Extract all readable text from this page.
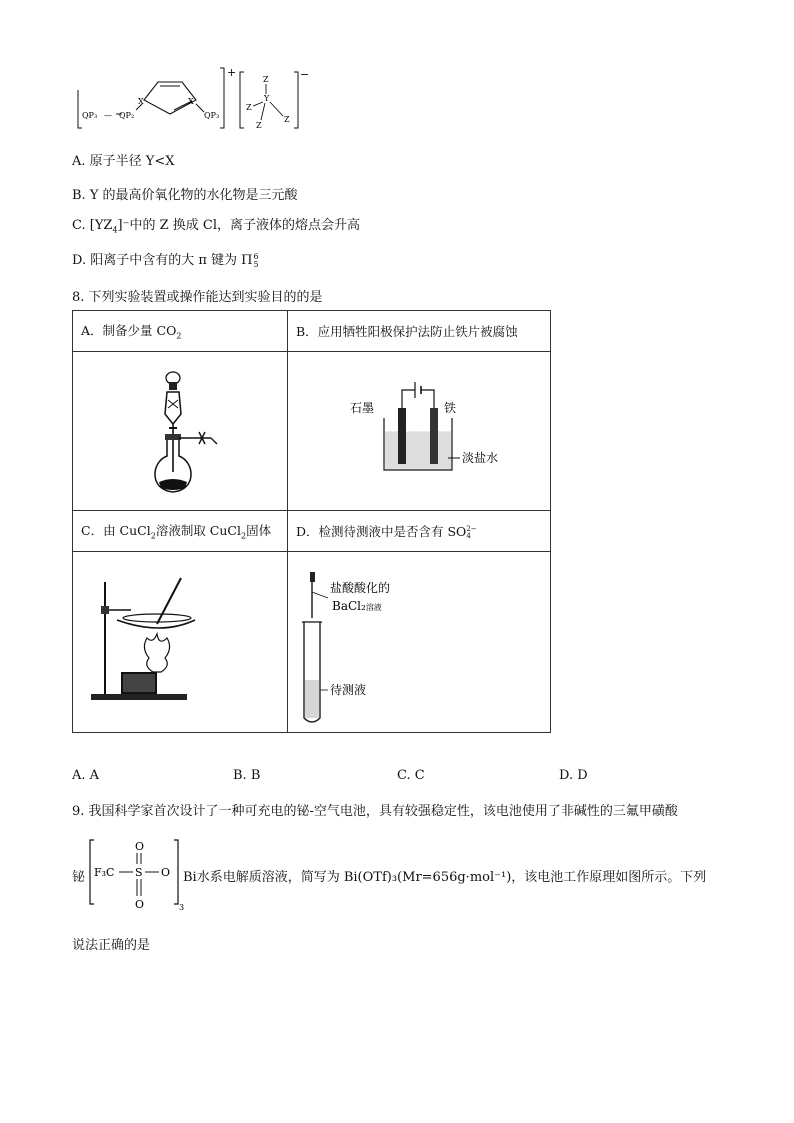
X	X
QP₃ — QP₂	QP₃
+	−
Z
Y
Z
Z
Z
A. 原子半径 Y<X
B. Y 的最高价氧化物的水化物是三元酸
C. $[YZ_4]^-$中的 Z 换成 Cl，离子液体的熔点会升高
D. 阳离子中含有的大 π 键为 Π6
5
8. 下列实验装置或操作能达到实验目的的是
A．制备少量 $CO_2$	B．应用牺牲阳极保护法防止铁片被腐蚀

石墨 铁
淡盐水

C．由 CuCl$_2$溶液制取 CuCl$_2$固体	D．检测待测液中是否含有 SO2−
4

盐酸酸化的
BaCl₂溶液
待测液
A. A	B. B	C. C	D. D
9. 我国科学家首次设计了一种可充电的铋-空气电池，具有较强稳定性，该电池使用了非碱性的三氟甲磺酸
铋 F₃C S O
O
O	3
Bi水系电解质溶液，简写为 Bi(OTf)₃(Mr=656g·mol⁻¹)，该电池工作原理如图所示。下列
说法正确的是
